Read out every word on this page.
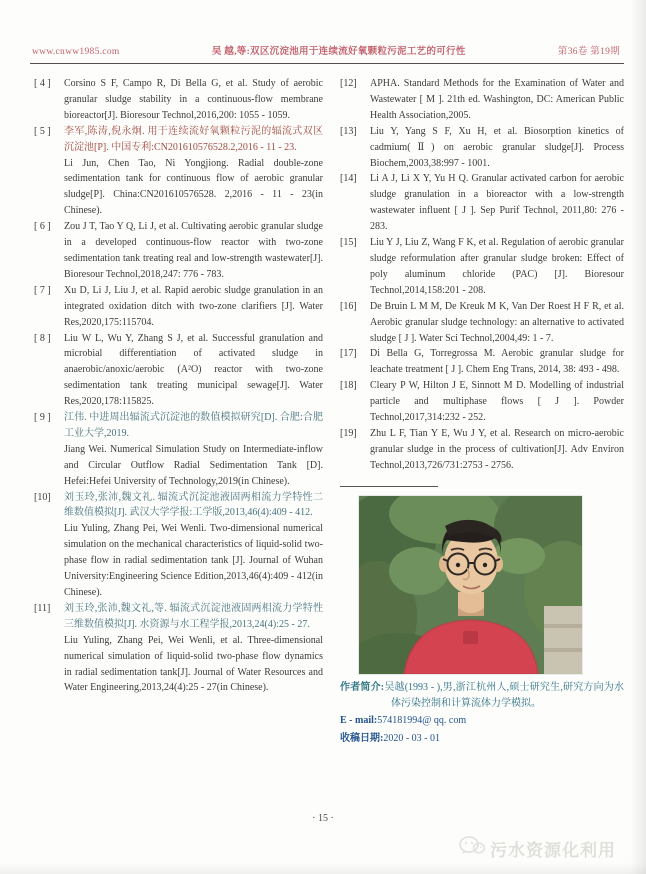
www.cnww1985.com	吴 越,等:双区沉淀池用于连续流好氧颗粒污泥工艺的可行性	第36卷 第19期
[ 4 ]	Corsino S F, Campo R, Di Bella G, et al. Study of aerobic granular sludge stability in a continuous-flow membrane bioreactor[J]. Bioresour Technol,2016,200: 1055 - 1059.

[ 5 ]	李军,陈涛,倪永炯. 用于连续流好氧颗粒污泥的辐流式双区沉淀池[P]. 中国专利:CN201610576528.2,2016 - 11 - 23.

Li Jun, Chen Tao, Ni Yongjiong. Radial double-zone sedimentation tank for continuous flow of aerobic granular sludge[P]. China:CN201610576528. 2,2016 - 11 - 23(in Chinese).

[ 6 ]	Zou J T, Tao Y Q, Li J, et al. Cultivating aerobic granular sludge in a developed continuous-flow reactor with two-zone sedimentation tank treating real and low-strength wastewater[J]. Bioresour Technol,2018,247: 776 - 783.

[ 7 ]	Xu D, Li J, Liu J, et al. Rapid aerobic sludge granulation in an integrated oxidation ditch with two-zone clarifiers [J]. Water Res,2020,175:115704.

[ 8 ]	Liu W L, Wu Y, Zhang S J, et al. Successful granulation and microbial differentiation of activated sludge in anaerobic/anoxic/aerobic (A²O) reactor with two-zone sedimentation tank treating municipal sewage[J]. Water Res,2020,178:115825.

[ 9 ]	江伟. 中进周出辐流式沉淀池的数值模拟研究[D]. 合肥:合肥工业大学,2019.

Jiang Wei. Numerical Simulation Study on Intermediate-inflow and Circular Outflow Radial Sedimentation Tank [D]. Hefei:Hefei University of Technology,2019(in Chinese).

[10]	刘玉玲,张沛,魏文礼. 辐流式沉淀池液固两相流力学特性二维数值模拟[J]. 武汉大学学报:工学版,2013,46(4):409 - 412.

Liu Yuling, Zhang Pei, Wei Wenli. Two-dimensional numerical simulation on the mechanical characteristics of liquid-solid two-phase flow in radial sedimentation tank [J]. Journal of Wuhan University:Engineering Science Edition,2013,46(4):409 - 412(in Chinese).

[11]	刘玉玲,张沛,魏文礼,等. 辐流式沉淀池液固两相流力学特性三维数值模拟[J]. 水资源与水工程学报,2013,24(4):25 - 27.

Liu Yuling, Zhang Pei, Wei Wenli, et al. Three-dimensional numerical simulation of liquid-solid two-phase flow dynamics in radial sedimentation tank[J]. Journal of Water Resources and Water Engineering,2013,24(4):25 - 27(in Chinese).

[12]	APHA. Standard Methods for the Examination of Water and Wastewater [ M ]. 21th ed. Washington, DC: American Public Health Association,2005.

[13]	Liu Y, Yang S F, Xu H, et al. Biosorption kinetics of cadmium(Ⅱ) on aerobic granular sludge[J]. Process Biochem,2003,38:997 - 1001.

[14]	Li A J, Li X Y, Yu H Q. Granular activated carbon for aerobic sludge granulation in a bioreactor with a low-strength wastewater influent [ J ]. Sep Purif Technol, 2011,80: 276 - 283.

[15]	Liu Y J, Liu Z, Wang F K, et al. Regulation of aerobic granular sludge reformulation after granular sludge broken: Effect of poly aluminum chloride (PAC) [J]. Bioresour Technol,2014,158:201 - 208.

[16]	De Bruin L M M, De Kreuk M K, Van Der Roest H F R, et al. Aerobic granular sludge technology: an alternative to activated sludge [ J ]. Water Sci Technol,2004,49: 1 - 7.

[17]	Di Bella G, Torregrossa M. Aerobic granular sludge for leachate treatment [ J ]. Chem Eng Trans, 2014, 38: 493 - 498.

[18]	Cleary P W, Hilton J E, Sinnott M D. Modelling of industrial particle and multiphase flows [ J ]. Powder Technol,2017,314:232 - 252.

[19]	Zhu L F, Tian Y E, Wu J Y, et al. Research on micro-aerobic granular sludge in the process of cultivation[J]. Adv Environ Technol,2013,726/731:2753 - 2756.

作者简介:吴越(1993 - ),男,浙江杭州人,硕士研究生,研究方向为水体污染控制和计算流体力学模拟。
E - mail:574181994@ qq. com
收稿日期:2020 - 03 - 01
· 15 ·
污水资源化利用
